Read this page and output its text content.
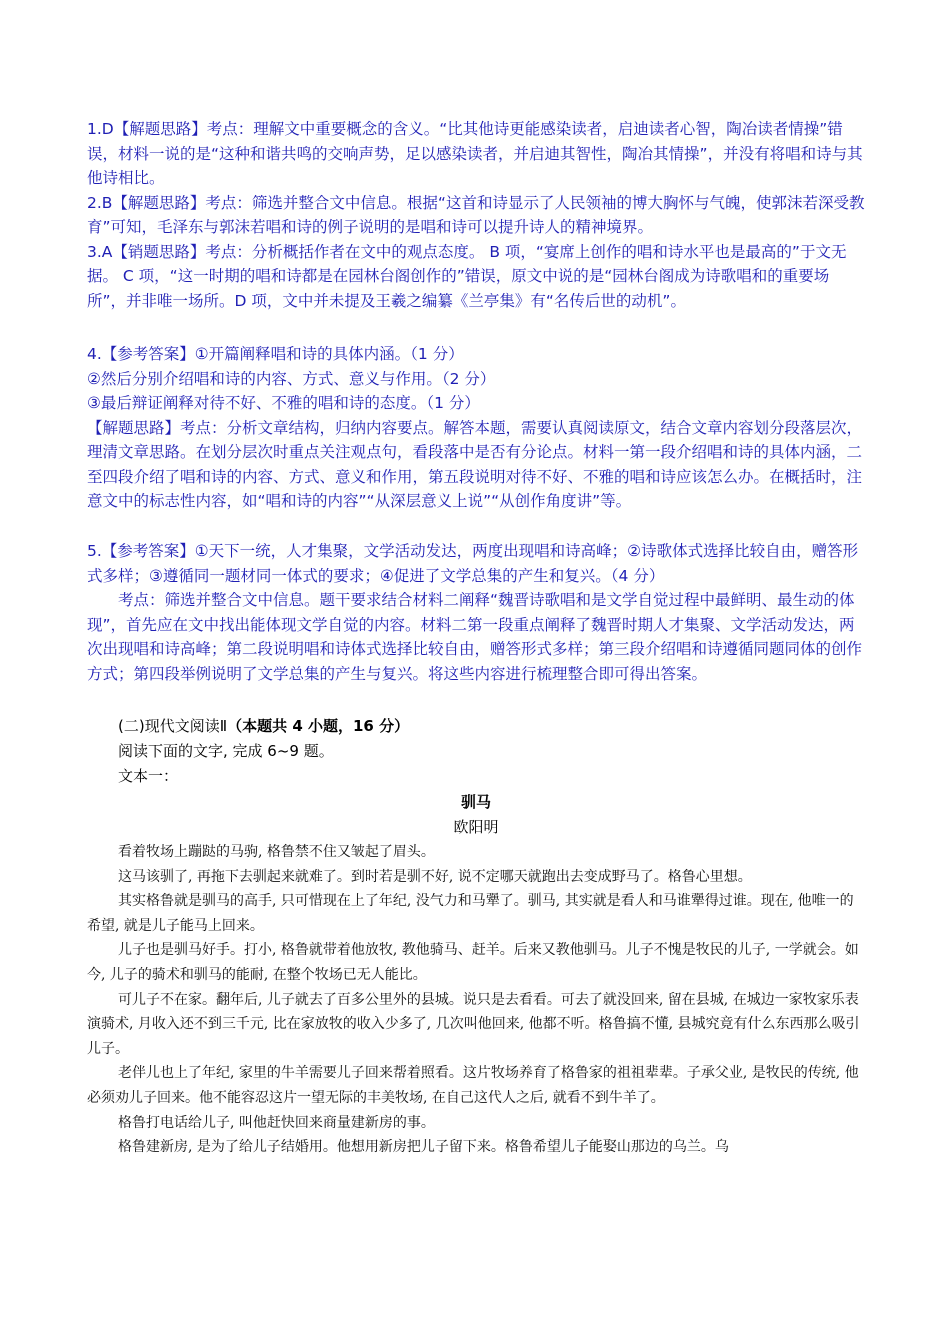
1.D【解题思路】考点：理解文中重要概念的含义。“比其他诗更能感染读者，启迪读者心智，陶冶读者情操”错误，材料一说的是“这种和谐共鸣的交响声势，足以感染读者，并启迪其智性，陶冶其情操”，并没有将唱和诗与其他诗相比。

2.B【解题思路】考点：筛选并整合文中信息。根据“这首和诗显示了人民领袖的博大胸怀与气魄，使郭沫若深受教育”可知，毛泽东与郭沫若唱和诗的例子说明的是唱和诗可以提升诗人的精神境界。

3.A【销题思路】考点：分析概括作者在文中的观点态度。 B 项，“宴席上创作的唱和诗水平也是最高的”于文无据。 C 项，“这一时期的唱和诗都是在园林台阁创作的”错误，原文中说的是“园林台阁成为诗歌唱和的重要场所”，并非唯一场所。D 项，文中并未提及王羲之编纂《兰亭集》有“名传后世的动机”。

4.【参考答案】①开篇阐释唱和诗的具体内涵。（1 分）

②然后分别介绍唱和诗的内容、方式、意义与作用。（2 分）

③最后辩证阐释对待不好、不雅的唱和诗的态度。（1 分）

【解题思路】考点：分析文章结构，归纳内容要点。解答本题，需要认真阅读原文，结合文章内容划分段落层次，理清文章思路。在划分层次时重点关注观点句，看段落中是否有分论点。材料一第一段介绍唱和诗的具体内涵，二至四段介绍了唱和诗的内容、方式、意义和作用，第五段说明对待不好、不雅的唱和诗应该怎么办。在概括时，注意文中的标志性内容，如“唱和诗的内容”“从深层意义上说”“从创作角度讲”等。

5.【参考答案】①天下一统，人才集聚，文学活动发达，两度出现唱和诗高峰；②诗歌体式选择比较自由，赠答形式多样；③遵循同一题材同一体式的要求；④促进了文学总集的产生和复兴。（4 分）

考点：筛选并整合文中信息。题干要求结合材料二阐释“魏晋诗歌唱和是文学自觉过程中最鲜明、最生动的体现”，首先应在文中找出能体现文学自觉的内容。材料二第一段重点阐释了魏晋时期人才集聚、文学活动发达，两次出现唱和诗高峰；第二段说明唱和诗体式选择比较自由，赠答形式多样；第三段介绍唱和诗遵循同题同体的创作方式；第四段举例说明了文学总集的产生与复兴。将这些内容进行梳理整合即可得出答案。

(二)现代文阅读Ⅱ（本题共 4 小题，16 分）
阅读下面的文字, 完成 6~9 题。
文本一：
驯马
欧阳明

看着牧场上蹦跶的马驹, 格鲁禁不住又皱起了眉头。

这马该驯了, 再拖下去驯起来就难了。到时若是驯不好, 说不定哪天就跑出去变成野马了。格鲁心里想。

其实格鲁就是驯马的高手, 只可惜现在上了年纪, 没气力和马犟了。驯马, 其实就是看人和马谁犟得过谁。现在, 他唯一的希望, 就是儿子能马上回来。

儿子也是驯马好手。打小, 格鲁就带着他放牧, 教他骑马、赶羊。后来又教他驯马。儿子不愧是牧民的儿子, 一学就会。如今, 儿子的骑术和驯马的能耐, 在整个牧场已无人能比。

可儿子不在家。翻年后, 儿子就去了百多公里外的县城。说只是去看看。可去了就没回来, 留在县城, 在城边一家牧家乐表演骑术, 月收入还不到三千元, 比在家放牧的收入少多了, 几次叫他回来, 他都不听。格鲁搞不懂, 县城究竟有什么东西那么吸引儿子。

老伴儿也上了年纪, 家里的牛羊需要儿子回来帮着照看。这片牧场养育了格鲁家的祖祖辈辈。子承父业, 是牧民的传统, 他必须劝儿子回来。他不能容忍这片一望无际的丰美牧场, 在自己这代人之后, 就看不到牛羊了。

格鲁打电话给儿子, 叫他赶快回来商量建新房的事。

格鲁建新房, 是为了给儿子结婚用。他想用新房把儿子留下来。格鲁希望儿子能娶山那边的乌兰。乌
